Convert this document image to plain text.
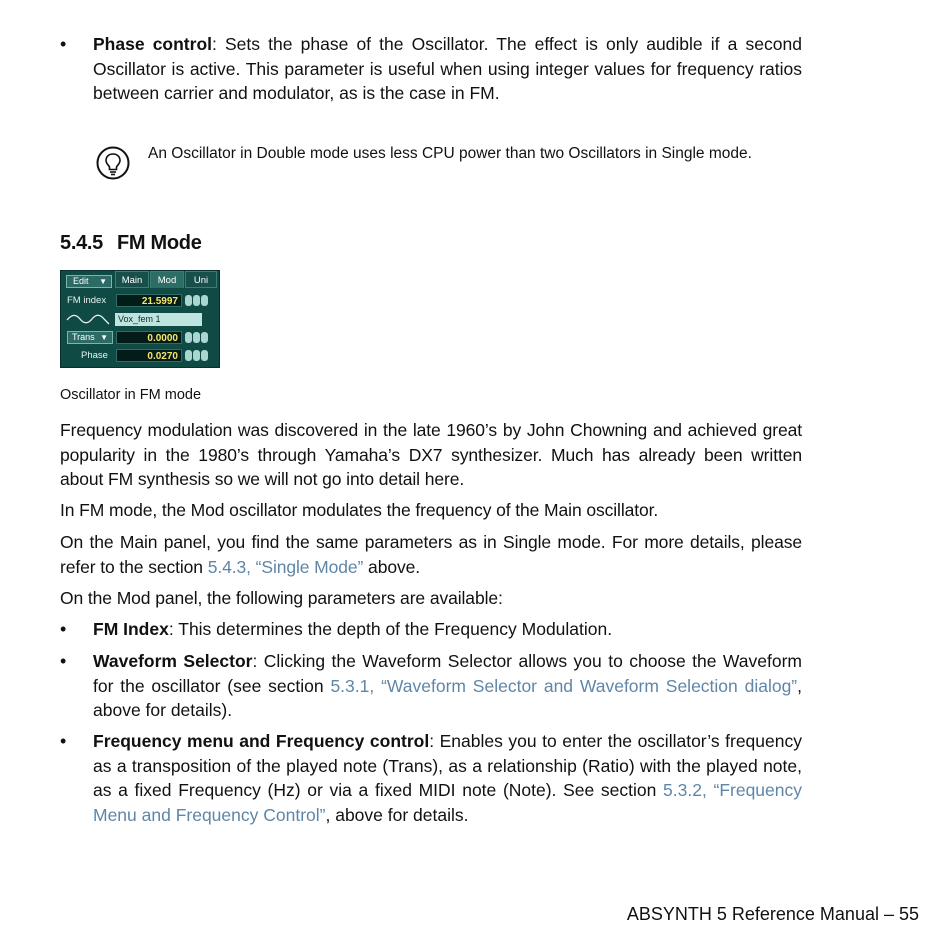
•	Phase control: Sets the phase of the Oscillator. The effect is only audible if a second Oscillator is active. This parameter is useful when using integer values for frequency ratios between carrier and modulator, as is the case in FM.
An Oscillator in Double mode uses less CPU power than two Oscillators in Single mode.
5.4.5 FM Mode
Edit ▼	Main	Mod	Uni
FM index	21.5997
Vox_fem 1
Trans ▼	0.0000
Phase	0.0270
Oscillator in FM mode
Frequency modulation was discovered in the late 1960’s by John Chowning and achieved great popularity in the 1980’s through Yamaha’s DX7 synthesizer. Much has already been written about FM synthesis so we will not go into detail here.
In FM mode, the Mod oscillator modulates the frequency of the Main oscillator.
On the Main panel, you find the same parameters as in Single mode. For more details, please refer to the section 5.4.3, “Single Mode” above.
On the Mod panel, the following parameters are available:
•	FM Index: This determines the depth of the Frequency Modulation.
•	Waveform Selector: Clicking the Waveform Selector allows you to choose the Waveform for the oscillator (see section 5.3.1, “Waveform Selector and Waveform Selection dialog”, above for details).
•	Frequency menu and Frequency control: Enables you to enter the oscillator’s frequency as a transposition of the played note (Trans), as a relationship (Ratio) with the played note, as a fixed Frequency (Hz) or via a fixed MIDI note (Note). See section 5.3.2, “Frequency Menu and Frequency Control”, above for details.
ABSYNTH 5 Reference Manual – 55
